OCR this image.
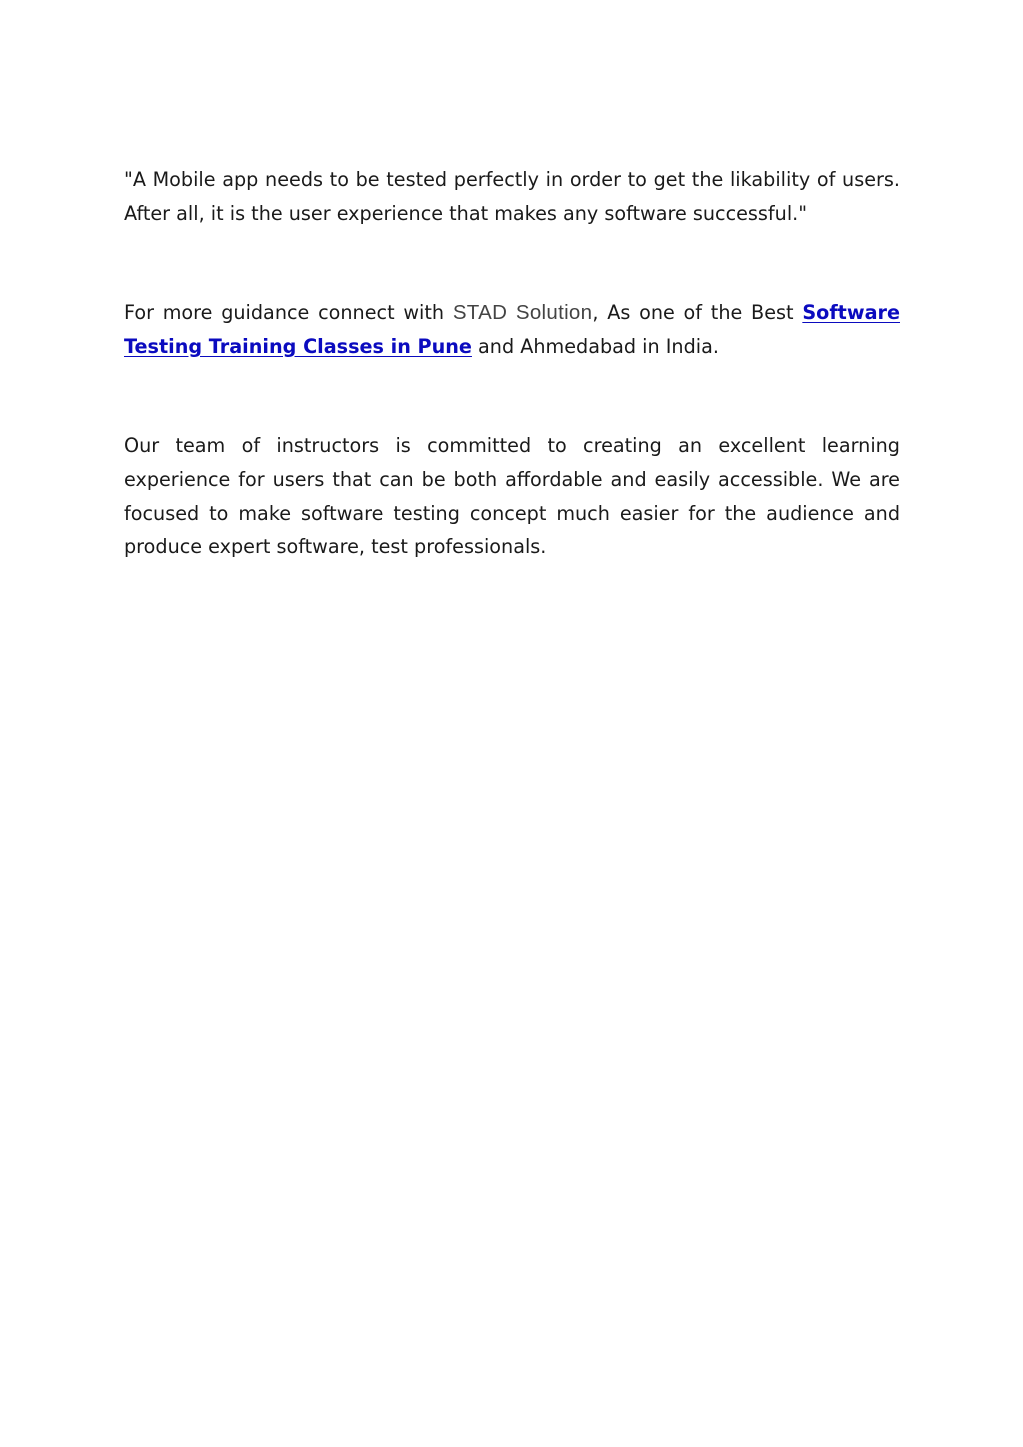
"A Mobile app needs to be tested perfectly in order to get the likability of users. After all, it is the user experience that makes any software successful."

For more guidance connect with STAD Solution, As one of the Best Software Testing Training Classes in Pune and Ahmedabad in India.

Our team of instructors is committed to creating an excellent learning experience for users that can be both affordable and easily accessible. We are focused to make software testing concept much easier for the audience and produce expert software, test professionals.
